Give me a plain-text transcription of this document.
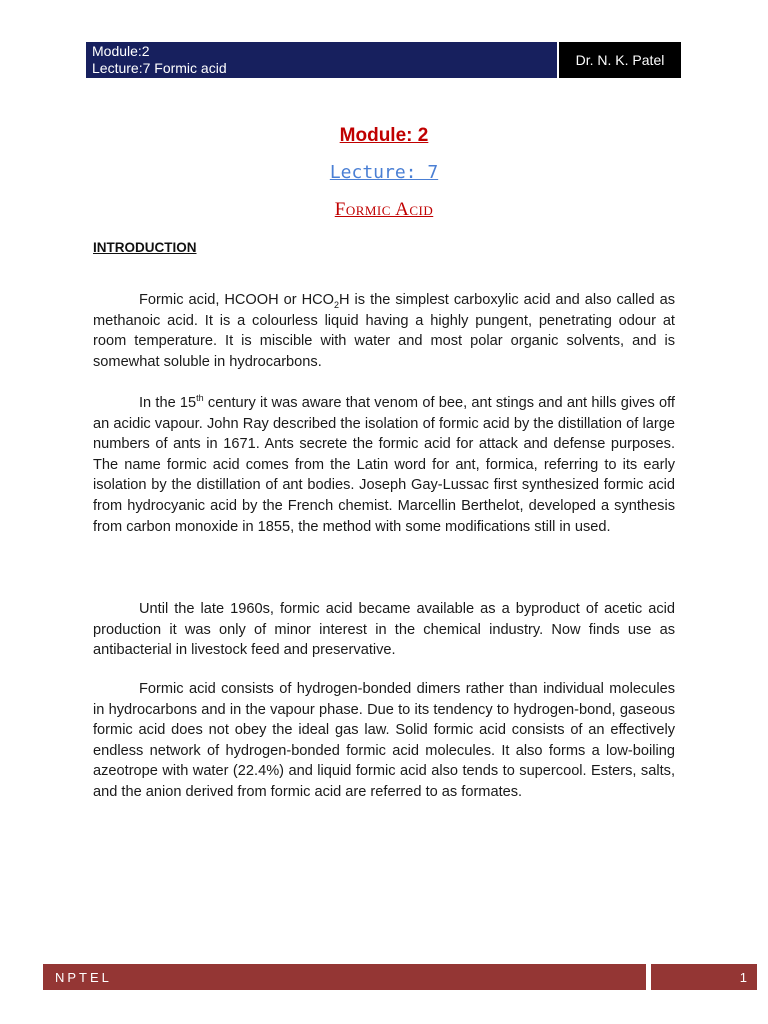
Module:2
Lecture:7 Formic acid	Dr. N. K. Patel
Module: 2
Lecture: 7
Formic Acid
INTRODUCTION

Formic acid, HCOOH or $HCO_2H$ is the simplest carboxylic acid and also called as methanoic acid. It is a colourless liquid having a highly pungent, penetrating odour at room temperature. It is miscible with water and most polar organic solvents, and is somewhat soluble in hydrocarbons.

In the 15th century it was aware that venom of bee, ant stings and ant hills gives off an acidic vapour. John Ray described the isolation of formic acid by the distillation of large numbers of ants in 1671. Ants secrete the formic acid for attack and defense purposes. The name formic acid comes from the Latin word for ant, formica, referring to its early isolation by the distillation of ant bodies. Joseph Gay-Lussac first synthesized formic acid from hydrocyanic acid by the French chemist. Marcellin Berthelot, developed a synthesis from carbon monoxide in 1855, the method with some modifications still in used.

Until the late 1960s, formic acid became available as a byproduct of acetic acid production it was only of minor interest in the chemical industry. Now finds use as antibacterial in livestock feed and preservative.

Formic acid consists of hydrogen-bonded dimers rather than individual molecules in hydrocarbons and in the vapour phase. Due to its tendency to hydrogen-bond, gaseous formic acid does not obey the ideal gas law. Solid formic acid consists of an effectively endless network of hydrogen-bonded formic acid molecules. It also forms a low-boiling azeotrope with water (22.4%) and liquid formic acid also tends to supercool. Esters, salts, and the anion derived from formic acid are referred to as formates.

NPTEL	1
